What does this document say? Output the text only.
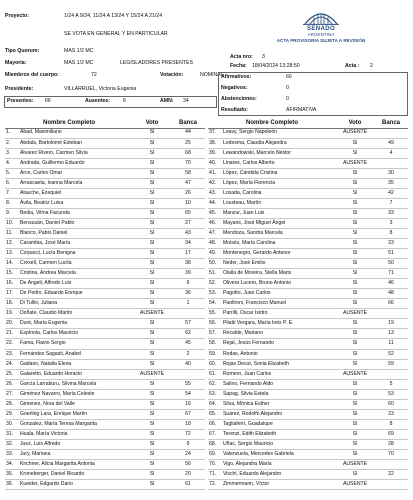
Proyecto:	1/24 A 9/24, 11/24 A 13/24 Y 15/24 A 21/24
SE VOTA EN GENERAL Y EN PARTICULAR
Tipo Quorum:	MAS 1/2 MC
Mayoría:	MAS 1/2 MC	LEGISLADORES PRESENTES
Miembros del cuerpo:	72	Votación:	NOMINAL
Presidente:	VILLARRUEL, Victoria Eugenia
Presentes: 66	Ausentes: 6	AMN: 34
SENADO
ARGENTINA
ACTA PROVISORIA SUJETA A REVISIÓN
Acta nro: 3
Fecha: 18/04/2024 13:28:50	Acta : 2
Afirmativos:	66
Negativos:	0
Abstenciones:	0
Resultado:	AFIRMATIVA
Nombre Completo		Voto	Banca
1.	Abad, Maximiliano	SI	44
2.	Abdala, Bartolomé Esteban	SI	25
3.	Álvarez Rivero, Carmen Silvia	SI	68
4.	Andrada, Guillermo Eduardo	SI	70
5.	Arce, Carlos Omar	SI	58
6.	Arrascaeta, Ivanna Marcela	SI	47
7.	Atauche, Ezequiel	SI	26
8.	Ávila, Beatriz Luisa	SI	10
9.	Bedia, Vilma Facunda	SI	65
10.	Bensusán, Daniel Pablo	SI	27
11.	Blanco, Pablo Daniel	SI	43
12.	Carambia, José María	SI	34
13.	Corpacci, Lucía Benigna	SI	17
14.	Crexell, Carmen Lucila	SI	38
15.	Cristina, Andrea Marcela	SI	39
16.	De Angeli, Alfredo Luis	SI	6
17.	De Pedro, Eduardo Enrique	SI	36
18.	Di Tullio, Juliana	SI	1
19.	Doñate, Claudio Martín	AUSENTE	
20.	Duré, María Eugenia	SI	57
21.	Espínola, Carlos Mauricio	SI	62
22.	Fama, Flavio Sergio	SI	45
23.	Fernández Sagasti, Anabel	SI	2
24.	Gadano, Natalia Elena	SI	40
25.	Galaretto, Eduardo Horacio	AUSENTE	
26.	García Larraburu, Silvina Marcela	SI	55
27.	Giménez Navarro, María Celeste	SI	54
28.	Gimenez, Nora del Valle	SI	16
29.	Goerling Lara, Enrique Martín	SI	67
30.	Gonzalez, María Teresa Margarita	SI	18
31.	Huala, María Victoria	SI	72
32.	Juez, Luis Alfredo	SI	9
33.	Jury, Mariana	SI	24
34.	Kirchner, Alicia Margarita Antonia	SI	56
35.	Kroneberger, Daniel Ricardo	SI	20
36.	Kueider, Edgardo Dario	SI	61
Nombre Completo		Voto	Banca
37.	Leavy, Sergio Napoleón	AUSENTE	
38.	Ledesma, Claudia Alejandra	SI	49
39.	Lewandowski, Marcelo Néstor	SI	4
40.	Linares, Carlos Alberto	AUSENTE	
41.	López, Cándida Cristina	SI	30
42.	López, María Florencia	SI	35
43.	Losada, Carolina	SI	42
44.	Lousteau, Martín	SI	7
45.	Manzur, Juan Luis	SI	33
46.	Mayans, José Miguel Ángel	SI	3
47.	Mendoza, Sandra Marcela	SI	8
48.	Moisés, María Carolina	SI	23
49.	Montenegro, Gerardo Antenor	SI	51
50.	Neder, José Emilio	SI	50
51.	Olalla de Moreira, Stella Maris	SI	71
52.	Olivera Lucero, Bruno Antonio	SI	46
53.	Pagotto, Juan Carlos	SI	48
54.	Paoltroni, Francisco Manuel	SI	66
55.	Parrilli, Oscar Isidro	AUSENTE	
56.	Pilatti Vergara, María Inés P. E.	SI	19
57.	Recalde, Mariano	SI	13
58.	Rejal, Jesús Fernando	SI	11
59.	Rodas, Antonio	SI	52
60.	Rojas Decut, Sonia Elizabeth	SI	59
61.	Romero, Juan Carlos	AUSENTE	
62.	Salino, Fernando Aldo	SI	5
63.	Sapag, Silvia Estela	SI	53
64.	Silva, Mónica Esther	SI	60
65.	Suárez, Rodolfo Alejandro	SI	23
66.	Tagliaferri, Guadalupe	SI	8
67.	Terenzi, Edith Elizabeth	SI	69
68.	Uñac, Sergio Mauricio	SI	28
69.	Valenzuela, Mercedes Gabriela	SI	70
70.	Vigo, Alejandra María	AUSENTE	
71.	Vischi, Eduardo Alejandro	SI	22
72.	Zimmermann, Víctor	AUSENTE	
